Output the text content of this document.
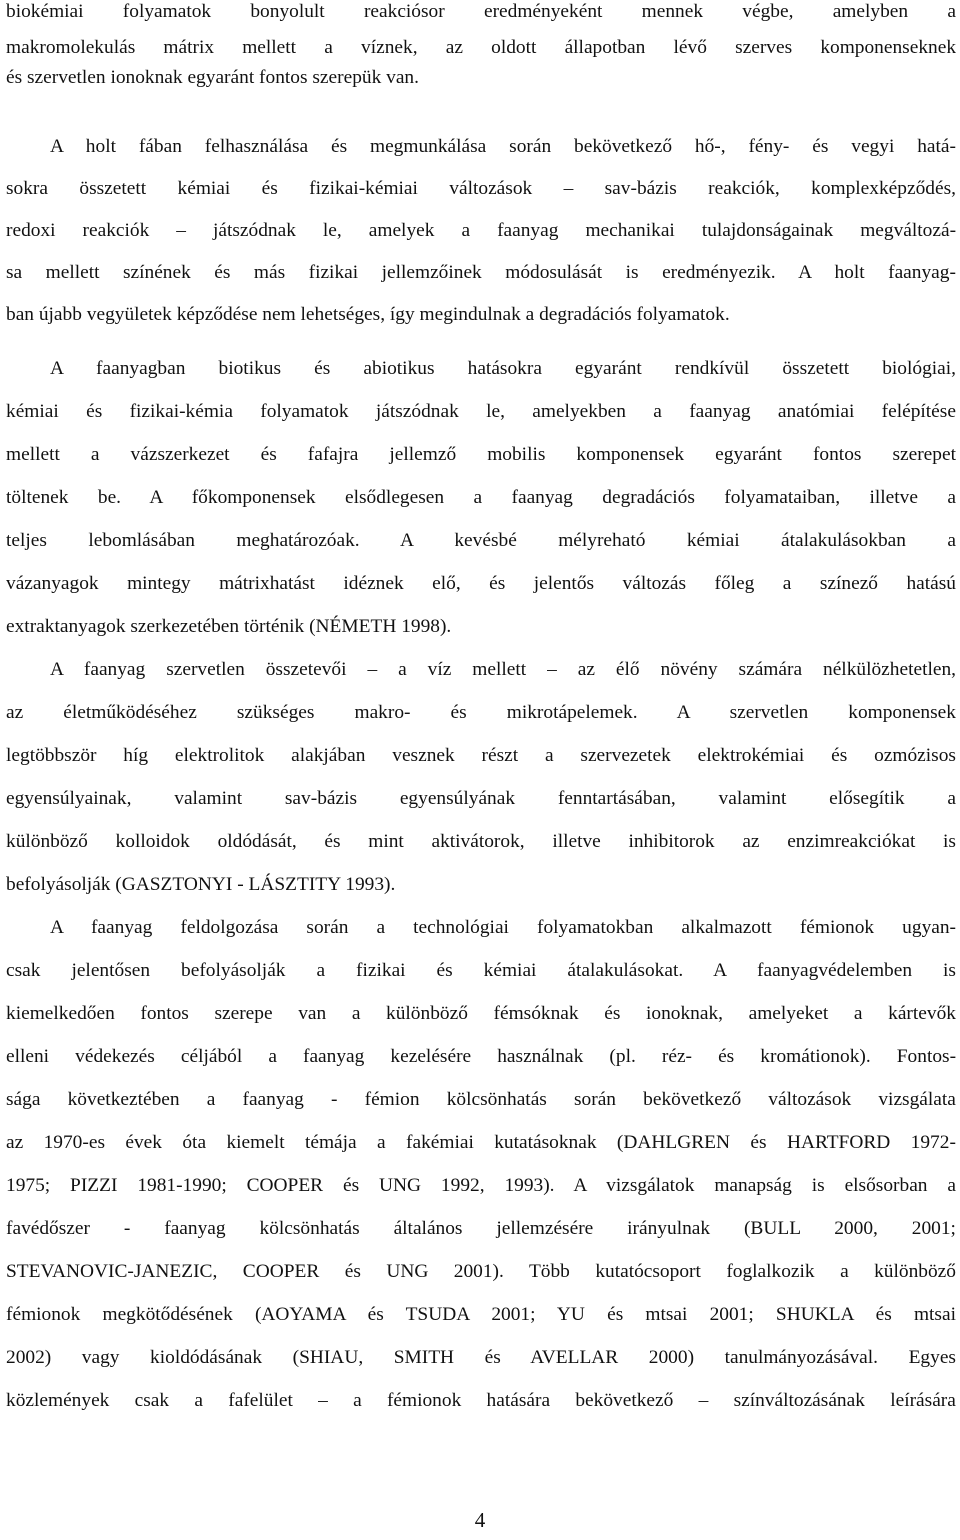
biokémiai folyamatok bonyolult reakciósor eredményeként mennek végbe, amelyben a
makromolekulás mátrix mellett a víznek, az oldott állapotban lévő szerves komponenseknek
és szervetlen ionoknak egyaránt fontos szerepük van.
A holt fában felhasználása és megmunkálása során bekövetkező hő-, fény- és vegyi hatá-
sokra összetett kémiai és fizikai-kémiai változások – sav-bázis reakciók, komplexképződés,
redoxi reakciók – játszódnak le, amelyek a faanyag mechanikai tulajdonságainak megváltozá-
sa mellett színének és más fizikai jellemzőinek módosulását is eredményezik. A holt faanyag-
ban újabb vegyületek képződése nem lehetséges, így megindulnak a degradációs folyamatok.
A faanyagban biotikus és abiotikus hatásokra egyaránt rendkívül összetett biológiai,
kémiai és fizikai-kémia folyamatok játszódnak le, amelyekben a faanyag anatómiai felépítése
mellett a vázszerkezet és fafajra jellemző mobilis komponensek egyaránt fontos szerepet
töltenek be. A főkomponensek elsődlegesen a faanyag degradációs folyamataiban, illetve a
teljes lebomlásában meghatározóak. A kevésbé mélyreható kémiai átalakulásokban a
vázanyagok mintegy mátrixhatást idéznek elő, és jelentős változás főleg a színező hatású
extraktanyagok szerkezetében történik (NÉMETH 1998).
A faanyag szervetlen összetevői – a víz mellett – az élő növény számára nélkülözhetetlen,
az életműködéséhez szükséges makro- és mikrotápelemek. A szervetlen komponensek
legtöbbször híg elektrolitok alakjában vesznek részt a szervezetek elektrokémiai és ozmózisos
egyensúlyainak, valamint sav-bázis egyensúlyának fenntartásában, valamint elősegítik a
különböző kolloidok oldódását, és mint aktivátorok, illetve inhibitorok az enzimreakciókat is
befolyásolják (GASZTONYI - LÁSZTITY 1993).
A faanyag feldolgozása során a technológiai folyamatokban alkalmazott fémionok ugyan-
csak jelentősen befolyásolják a fizikai és kémiai átalakulásokat. A faanyagvédelemben is
kiemelkedően fontos szerepe van a különböző fémsóknak és ionoknak, amelyeket a kártevők
elleni védekezés céljából a faanyag kezelésére használnak (pl. réz- és kromátionok). Fontos-
sága következtében a faanyag - fémion kölcsönhatás során bekövetkező változások vizsgálata
az 1970-es évek óta kiemelt témája a fakémiai kutatásoknak (DAHLGREN és HARTFORD 1972-
1975; PIZZI 1981-1990; COOPER és UNG 1992, 1993). A vizsgálatok manapság is elsősorban a
favédőszer - faanyag kölcsönhatás általános jellemzésére irányulnak (BULL 2000, 2001;
STEVANOVIC-JANEZIC, COOPER és UNG 2001). Több kutatócsoport foglalkozik a különböző
fémionok megkötődésének (AOYAMA és TSUDA 2001; YU és mtsai 2001; SHUKLA és mtsai
2002) vagy kioldódásának (SHIAU, SMITH és AVELLAR 2000) tanulmányozásával. Egyes
közlemények csak a fafelület – a fémionok hatására bekövetkező – színváltozásának leírására
4
